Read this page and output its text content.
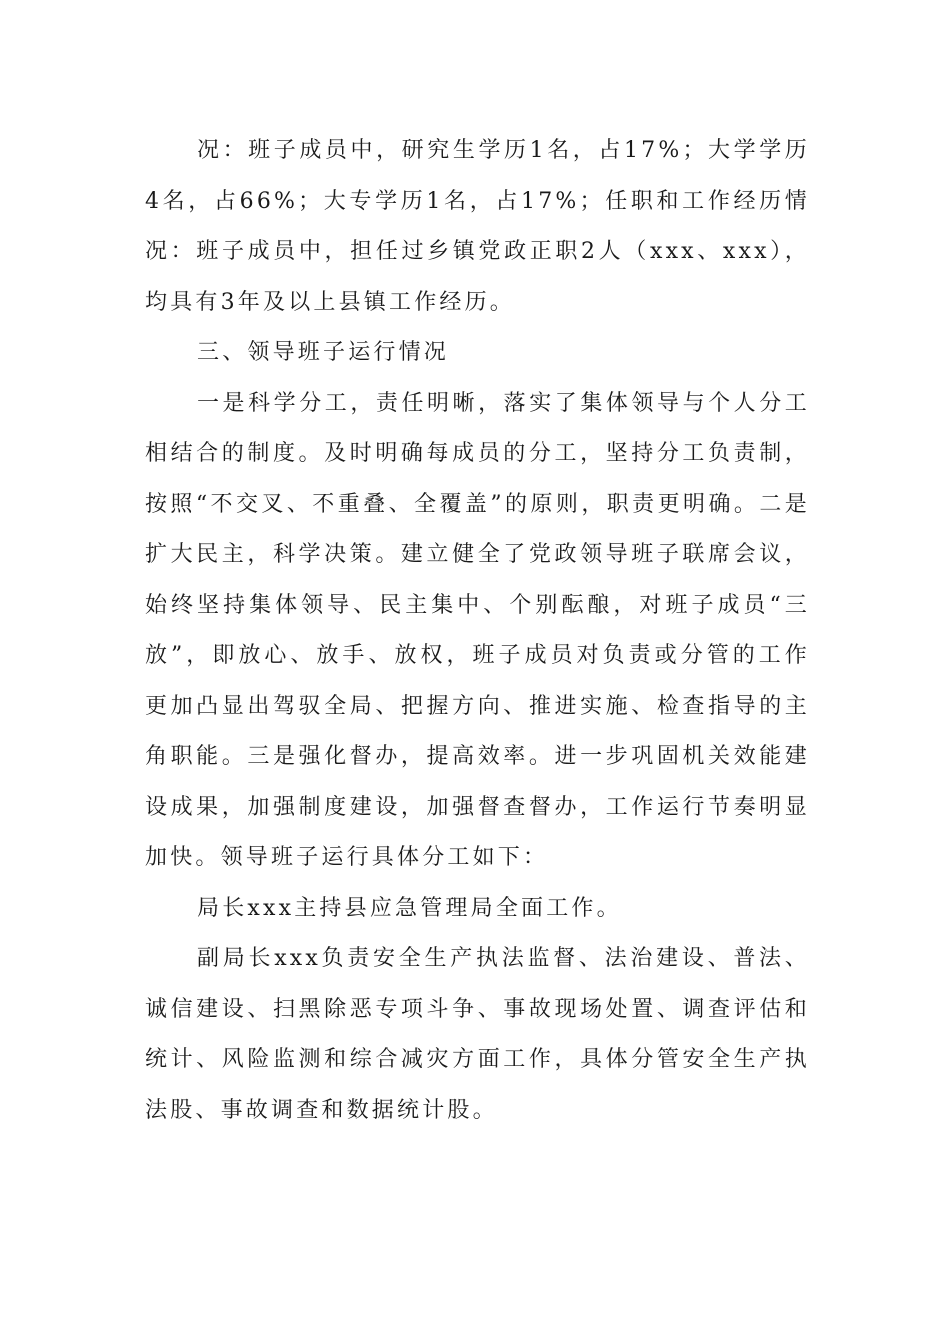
况：班子成员中，研究生学历1名，占17%；大学学历4名，占66%；大专学历1名，占17%；任职和工作经历情况：班子成员中，担任过乡镇党政正职2人（xxx、xxx），均具有3年及以上县镇工作经历。

三、领导班子运行情况

一是科学分工，责任明晰，落实了集体领导与个人分工相结合的制度。及时明确每成员的分工，坚持分工负责制，按照“不交叉、不重叠、全覆盖”的原则，职责更明确。二是扩大民主，科学决策。建立健全了党政领导班子联席会议，始终坚持集体领导、民主集中、个别酝酿，对班子成员“三放”，即放心、放手、放权，班子成员对负责或分管的工作更加凸显出驾驭全局、把握方向、推进实施、检查指导的主角职能。三是强化督办，提高效率。进一步巩固机关效能建设成果，加强制度建设，加强督查督办，工作运行节奏明显加快。领导班子运行具体分工如下：

局长xxx主持县应急管理局全面工作。

副局长xxx负责安全生产执法监督、法治建设、普法、诚信建设、扫黑除恶专项斗争、事故现场处置、调查评估和统计、风险监测和综合减灾方面工作，具体分管安全生产执法股、事故调查和数据统计股。
